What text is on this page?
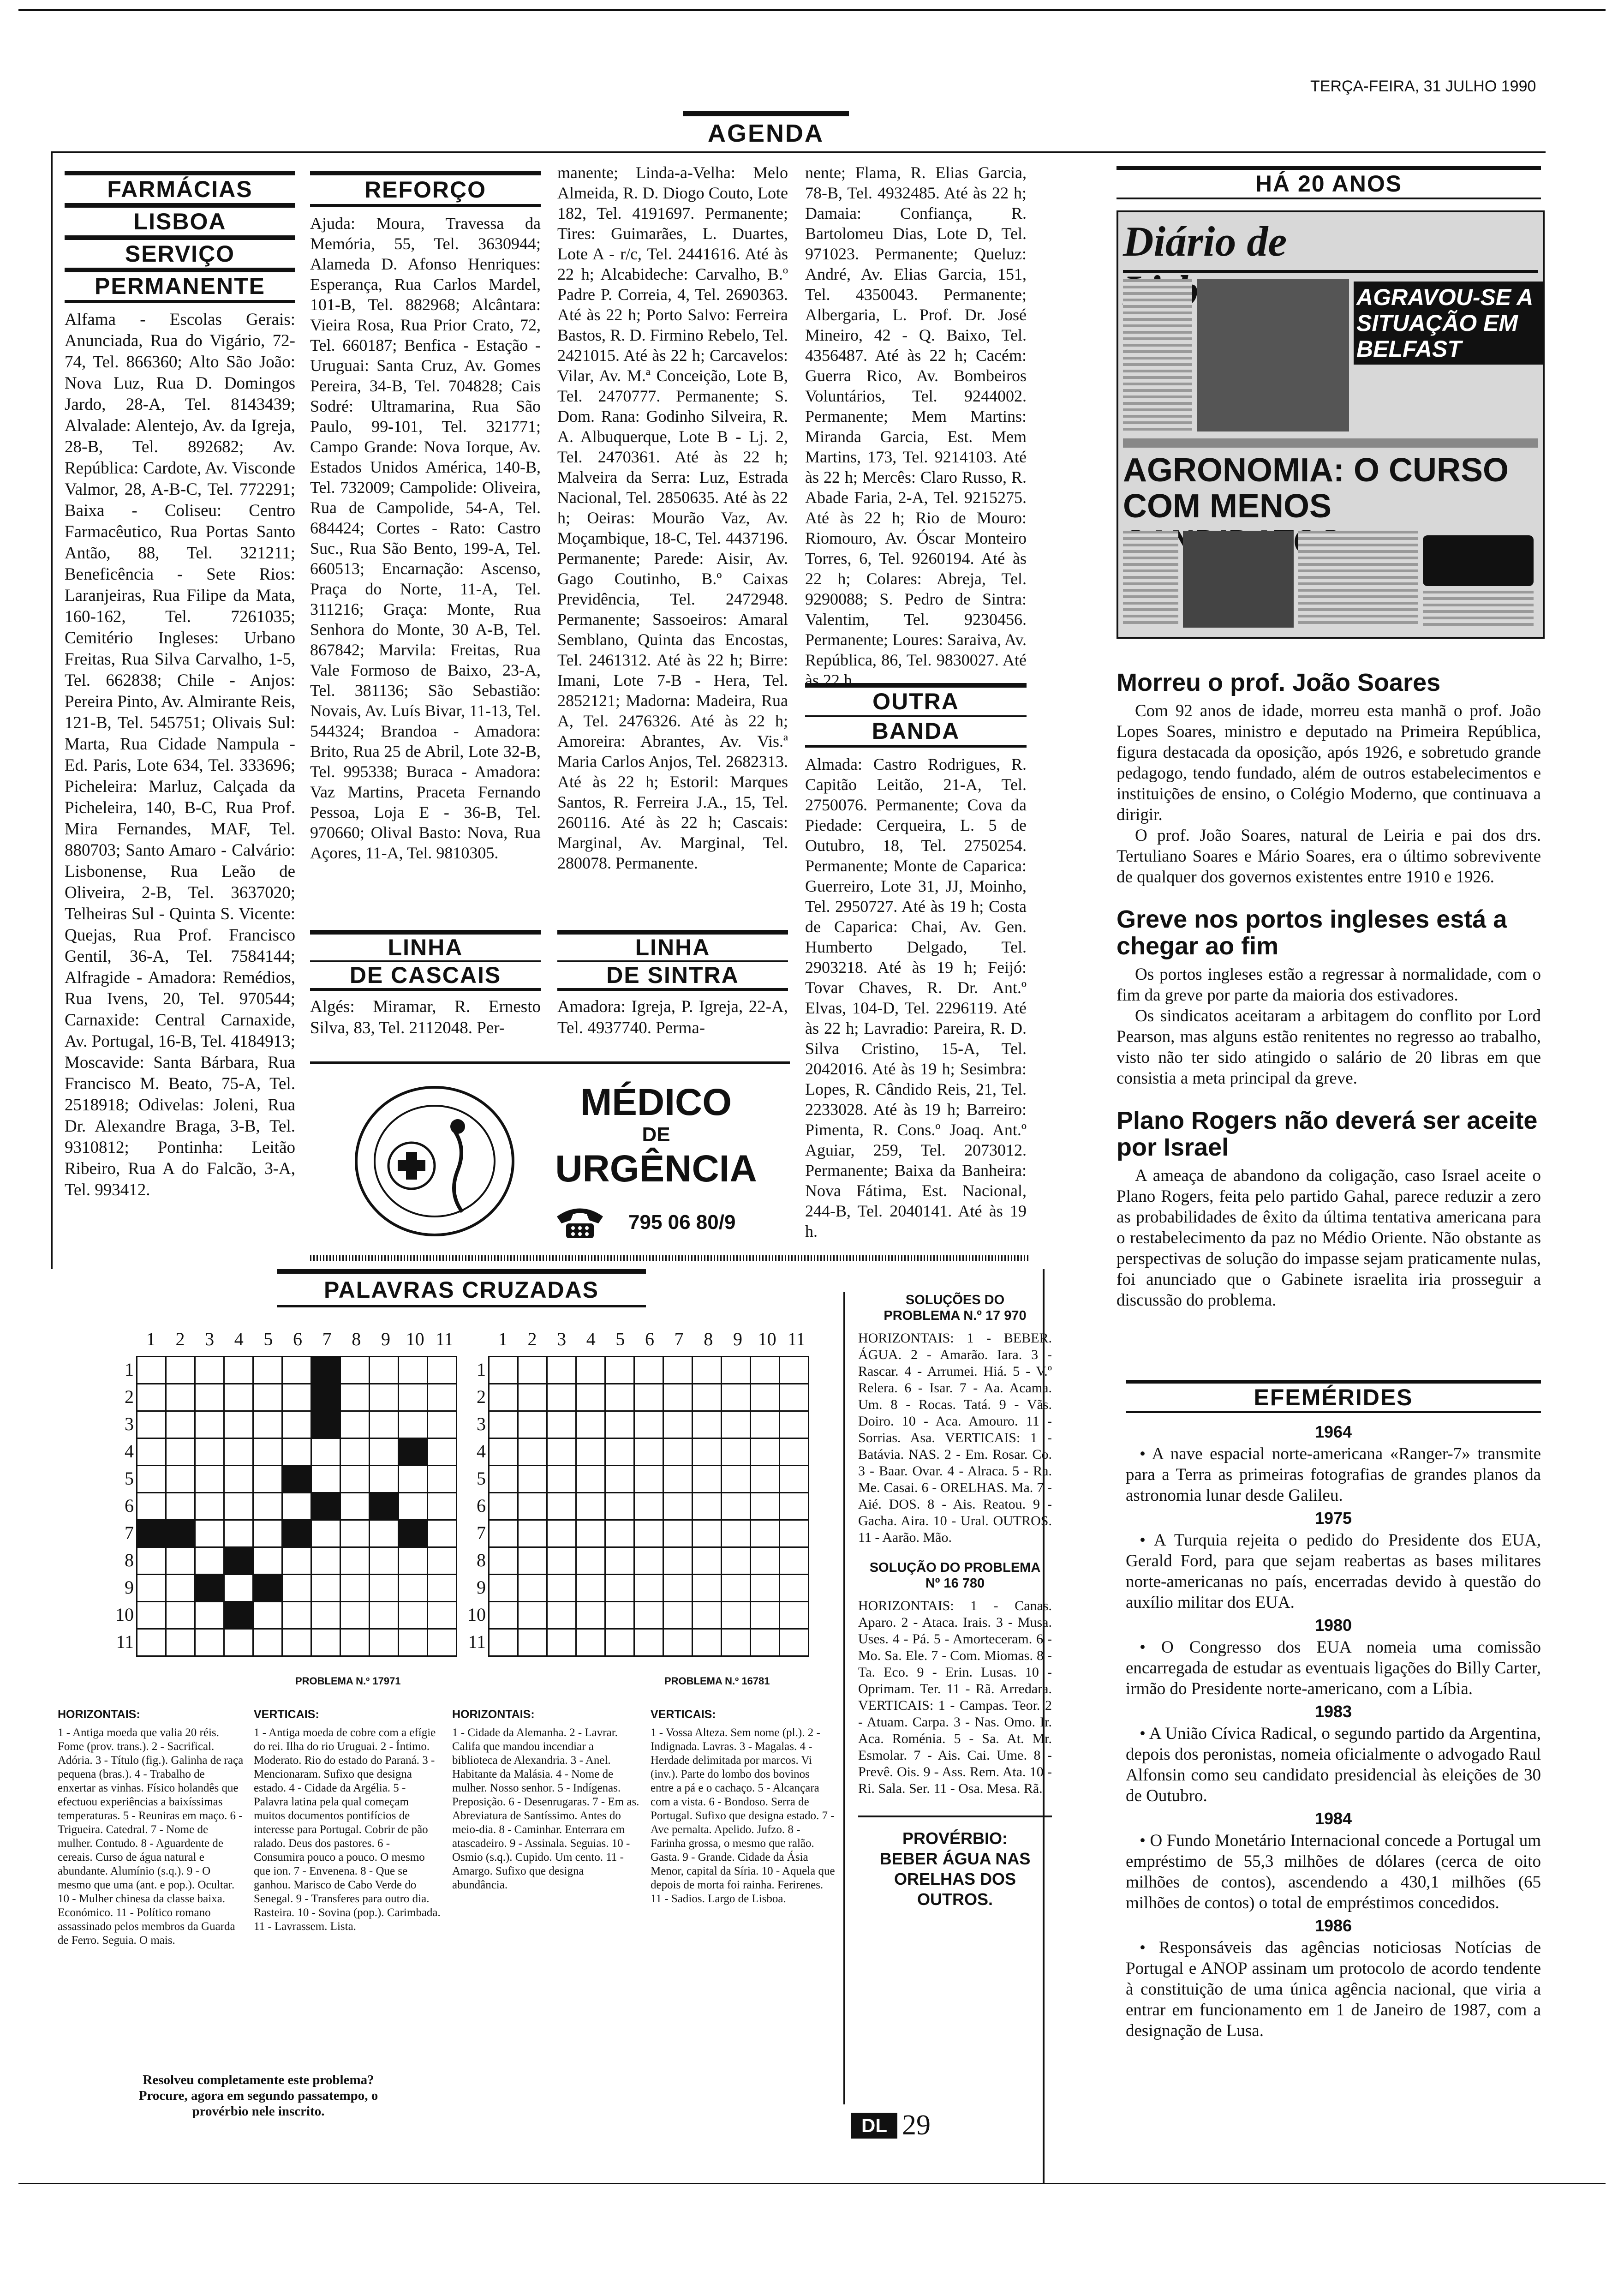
TERÇA-FEIRA, 31 JULHO 1990
AGENDA
FARMÁCIAS
LISBOA
SERVIÇO
PERMANENTE
Alfama - Escolas Gerais: Anunciada, Rua do Vigário, 72-74, Tel. 866360; Alto São João: Nova Luz, Rua D. Domingos Jardo, 28-A, Tel. 8143439; Alvalade: Alentejo, Av. da Igreja, 28-B, Tel. 892682; Av. República: Cardote, Av. Visconde Valmor, 28, A-B-C, Tel. 772291; Baixa - Coliseu: Centro Farmacêutico, Rua Portas Santo Antão, 88, Tel. 321211; Beneficência - Sete Rios: Laranjeiras, Rua Filipe da Mata, 160-162, Tel. 7261035; Cemitério Ingleses: Urbano Freitas, Rua Silva Carvalho, 1-5, Tel. 662838; Chile - Anjos: Pereira Pinto, Av. Almirante Reis, 121-B, Tel. 545751; Olivais Sul: Marta, Rua Cidade Nampula - Ed. Paris, Lote 634, Tel. 333696; Picheleira: Marluz, Calçada da Picheleira, 140, B-C, Rua Prof. Mira Fernandes, MAF, Tel. 880703; Santo Amaro - Calvário: Lisbonense, Rua Leão de Oliveira, 2-B, Tel. 3637020; Telheiras Sul - Quinta S. Vicente: Quejas, Rua Prof. Francisco Gentil, 36-A, Tel. 7584144; Alfragide - Amadora: Remédios, Rua Ivens, 20, Tel. 970544; Carnaxide: Central Carnaxide, Av. Portugal, 16-B, Tel. 4184913; Moscavide: Santa Bárbara, Rua Francisco M. Beato, 75-A, Tel. 2518918; Odivelas: Joleni, Rua Dr. Alexandre Braga, 3-B, Tel. 9310812; Pontinha: Leitão Ribeiro, Rua A do Falcão, 3-A, Tel. 993412.
REFORÇO
Ajuda: Moura, Travessa da Memória, 55, Tel. 3630944; Alameda D. Afonso Henriques: Esperança, Rua Carlos Mardel, 101-B, Tel. 882968; Alcântara: Vieira Rosa, Rua Prior Crato, 72, Tel. 660187; Benfica - Estação - Uruguai: Santa Cruz, Av. Gomes Pereira, 34-B, Tel. 704828; Cais Sodré: Ultramarina, Rua São Paulo, 99-101, Tel. 321771; Campo Grande: Nova Iorque, Av. Estados Unidos América, 140-B, Tel. 732009; Campolide: Oliveira, Rua de Campolide, 54-A, Tel. 684424; Cortes - Rato: Castro Suc., Rua São Bento, 199-A, Tel. 660513; Encarnação: Ascenso, Praça do Norte, 11-A, Tel. 311216; Graça: Monte, Rua Senhora do Monte, 30 A-B, Tel. 867842; Marvila: Freitas, Rua Vale Formoso de Baixo, 23-A, Tel. 381136; São Sebastião: Novais, Av. Luís Bivar, 11-13, Tel. 544324; Brandoa - Amadora: Brito, Rua 25 de Abril, Lote 32-B, Tel. 995338; Buraca - Amadora: Vaz Martins, Praceta Fernando Pessoa, Loja E - 36-B, Tel. 970660; Olival Basto: Nova, Rua Açores, 11-A, Tel. 9810305.
LINHA
DE CASCAIS
Algés: Miramar, R. Ernesto Silva, 83, Tel. 2112048. Per-
manente; Linda-a-Velha: Melo Almeida, R. D. Diogo Couto, Lote 182, Tel. 4191697. Permanente; Tires: Guimarães, L. Duartes, Lote A - r/c, Tel. 2441616. Até às 22 h; Alcabideche: Carvalho, B.º Padre P. Correia, 4, Tel. 2690363. Até às 22 h; Porto Salvo: Ferreira Bastos, R. D. Firmino Rebelo, Tel. 2421015. Até às 22 h; Carcavelos: Vilar, Av. M.ª Conceição, Lote B, Tel. 2470777. Permanente; S. Dom. Rana: Godinho Silveira, R. A. Albuquerque, Lote B - Lj. 2, Tel. 2470361. Até às 22 h; Malveira da Serra: Luz, Estrada Nacional, Tel. 2850635. Até às 22 h; Oeiras: Mourão Vaz, Av. Moçambique, 18-C, Tel. 4437196. Permanente; Parede: Aisir, Av. Gago Coutinho, B.º Caixas Previdência, Tel. 2472948. Permanente; Sassoeiros: Amaral Semblano, Quinta das Encostas, Tel. 2461312. Até às 22 h; Birre: Imani, Lote 7-B - Hera, Tel. 2852121; Madorna: Madeira, Rua A, Tel. 2476326. Até às 22 h; Amoreira: Abrantes, Av. Vis.ª Maria Carlos Anjos, Tel. 2682313. Até às 22 h; Estoril: Marques Santos, R. Ferreira J.A., 15, Tel. 260116. Até às 22 h; Cascais: Marginal, Av. Marginal, Tel. 280078. Permanente.
LINHA
DE SINTRA
Amadora: Igreja, P. Igreja, 22-A, Tel. 4937740. Perma-
nente; Flama, R. Elias Garcia, 78-B, Tel. 4932485. Até às 22 h; Damaia: Confiança, R. Bartolomeu Dias, Lote D, Tel. 971023. Permanente; Queluz: André, Av. Elias Garcia, 151, Tel. 4350043. Permanente; Albergaria, L. Prof. Dr. José Mineiro, 42 - Q. Baixo, Tel. 4356487. Até às 22 h; Cacém: Guerra Rico, Av. Bombeiros Voluntários, Tel. 9244002. Permanente; Mem Martins: Miranda Garcia, Est. Mem Martins, 173, Tel. 9214103. Até às 22 h; Mercês: Claro Russo, R. Abade Faria, 2-A, Tel. 9215275. Até às 22 h; Rio de Mouro: Riomouro, Av. Óscar Monteiro Torres, 6, Tel. 9260194. Até às 22 h; Colares: Abreja, Tel. 9290088; S. Pedro de Sintra: Valentim, Tel. 9230456. Permanente; Loures: Saraiva, Av. República, 86, Tel. 9830027. Até às 22 h.
OUTRA
BANDA
Almada: Castro Rodrigues, R. Capitão Leitão, 21-A, Tel. 2750076. Permanente; Cova da Piedade: Cerqueira, L. 5 de Outubro, 18, Tel. 2750254. Permanente; Monte de Caparica: Guerreiro, Lote 31, JJ, Moinho, Tel. 2950727. Até às 19 h; Costa de Caparica: Chai, Av. Gen. Humberto Delgado, Tel. 2903218. Até às 19 h; Feijó: Tovar Chaves, R. Dr. Ant.º Elvas, 104-D, Tel. 2296119. Até às 22 h; Lavradio: Pareira, R. D. Silva Cristino, 15-A, Tel. 2042016. Até às 19 h; Sesimbra: Lopes, R. Cândido Reis, 21, Tel. 2233028. Até às 19 h; Barreiro: Pimenta, R. Cons.º Joaq. Ant.º Aguiar, 259, Tel. 2073012. Permanente; Baixa da Banheira: Nova Fátima, Est. Nacional, 244-B, Tel. 2040141. Até às 19 h.
MÉDICO
DE
URGÊNCIA
795 06 80/9
HÁ 20 ANOS
Diário de
AGRAVOU-SE A SITUAÇÃO EM BELFAST
AGRONOMIA: O CURSO COM MENOS
Morreu o prof. João Soares

Com 92 anos de idade, morreu esta manhã o prof. João Lopes Soares, ministro e deputado na Primeira República, figura destacada da oposição, após 1926, e sobretudo grande pedagogo, tendo fundado, além de outros estabelecimentos e instituições de ensino, o Colégio Moderno, que continuava a dirigir.

O prof. João Soares, natural de Leiria e pai dos drs. Tertuliano Soares e Mário Soares, era o último sobrevivente de qualquer dos governos existentes entre 1910 e 1926.

Greve nos portos ingleses está a chegar ao fim

Os portos ingleses estão a regressar à normalidade, com o fim da greve por parte da maioria dos estivadores.

Os sindicatos aceitaram a arbitagem do conflito por Lord Pearson, mas alguns estão renitentes no regresso ao trabalho, visto não ter sido atingido o salário de 20 libras em que consistia a meta principal da greve.

Plano Rogers não deverá ser aceite por Israel

A ameaça de abandono da coligação, caso Israel aceite o Plano Rogers, feita pelo partido Gahal, parece reduzir a zero as probabilidades de êxito da última tentativa americana para o restabelecimento da paz no Médio Oriente. Não obstante as perspectivas de solução do impasse sejam praticamente nulas, foi anunciado que o Gabinete israelita iria prosseguir a discussão do problema.

EFEMÉRIDES
1964

• A nave espacial norte-americana «Ranger-7» transmite para a Terra as primeiras fotografias de grandes planos da astronomia lunar desde Galileu.

1975

• A Turquia rejeita o pedido do Presidente dos EUA, Gerald Ford, para que sejam reabertas as bases militares norte-americanas no país, encerradas devido à questão do auxílio militar dos EUA.

1980

• O Congresso dos EUA nomeia uma comissão encarregada de estudar as eventuais ligações do Billy Carter, irmão do Presidente norte-americano, com a Líbia.

1983

• A União Cívica Radical, o segundo partido da Argentina, depois dos peronistas, nomeia oficialmente o advogado Raul Alfonsin como seu candidato presidencial às eleições de 30 de Outubro.

1984

• O Fundo Monetário Internacional concede a Portugal um empréstimo de 55,3 milhões de dólares (cerca de oito milhões de contos), ascendendo a 430,1 milhões (65 milhões de contos) o total de empréstimos concedidos.

1986

• Responsáveis das agências noticiosas Notícias de Portugal e ANOP assinam um protocolo de acordo tendente à constituição de uma única agência nacional, que viria a entrar em funcionamento em 1 de Janeiro de 1987, com a designação de Lusa.

PALAVRAS CRUZADAS
1	2	3	4	5	6	7	8	9 10 11
1
2
3
4
5
6
7
8
9
10
11

1	2	3	4	5	6	7	8	9 10 11
1
2
3
4
5
6
7
8
9
10
11

PROBLEMA N.º 17971	PROBLEMA N.º 16781
HORIZONTAIS:
1 - Antiga moeda que valia 20 réis. Fome (prov. trans.). 2 - Sacrifical. Adória. 3 - Título (fig.). Galinha de raça pequena (bras.). 4 - Trabalho de enxertar as vinhas. Físico holandês que efectuou experiências a baixíssimas temperaturas. 5 - Reuniras em maço. 6 - Trigueira. Catedral. 7 - Nome de mulher. Contudo. 8 - Aguardente de cereais. Curso de água natural e abundante. Alumínio (s.q.). 9 - O mesmo que uma (ant. e pop.). Ocultar. 10 - Mulher chinesa da classe baixa. Económico. 11 - Político romano assassinado pelos membros da Guarda de Ferro. Seguia. O mais.
VERTICAIS:
1 - Antiga moeda de cobre com a efígie do rei. Ilha do rio Uruguai. 2 - Íntimo. Moderato. Rio do estado do Paraná. 3 - Mencionaram. Sufixo que designa estado. 4 - Cidade da Argélia. 5 - Palavra latina pela qual começam muitos documentos pontifícios de interesse para Portugal. Cobrir de pão ralado. Deus dos pastores. 6 - Consumira pouco a pouco. O mesmo que ion. 7 - Envenena. 8 - Que se ganhou. Marisco de Cabo Verde do Senegal. 9 - Transferes para outro dia. Rasteira. 10 - Sovina (pop.). Carimbada. 11 - Lavrassem. Lista.
HORIZONTAIS:
1 - Cidade da Alemanha. 2 - Lavrar. Califa que mandou incendiar a biblioteca de Alexandria. 3 - Anel. Habitante da Malásia. 4 - Nome de mulher. Nosso senhor. 5 - Indígenas. Preposição. 6 - Desenrugaras. 7 - Em as. Abreviatura de Santíssimo. Antes do meio-dia. 8 - Caminhar. Enterrara em atascadeiro. 9 - Assinala. Seguias. 10 - Osmio (s.q.). Cupido. Um cento. 11 - Amargo. Sufixo que designa abundância.
VERTICAIS:
1 - Vossa Alteza. Sem nome (pl.). 2 - Indignada. Lavras. 3 - Magalas. 4 - Herdade delimitada por marcos. Vi (inv.). Parte do lombo dos bovinos entre a pá e o cachaço. 5 - Alcançara com a vista. 6 - Bondoso. Serra de Portugal. Sufixo que designa estado. 7 - Ave pernalta. Apelido. Jufzo. 8 - Farinha grossa, o mesmo que ralão. Gasta. 9 - Grande. Cidade da Ásia Menor, capital da Síria. 10 - Aquela que depois de morta foi rainha. Ferirenes. 11 - Sadios. Largo de Lisboa.
Resolveu completamente este problema? Procure, agora em segundo passatempo, o provérbio nele inscrito.
SOLUÇÕES DO PROBLEMA N.º 17 970
HORIZONTAIS: 1 - BEBER. ÁGUA. 2 - Amarão. Iara. 3 - Rascar. 4 - Arrumei. Hiá. 5 - V.º Relera. 6 - Isar. 7 - Aa. Acama. Um. 8 - Rocas. Tatá. 9 - Vãs. Doiro. 10 - Aca. Amouro. 11 - Sorrias. Asa. VERTICAIS: 1 - Batávia. NAS. 2 - Em. Rosar. Co. 3 - Baar. Ovar. 4 - Alraca. 5 - Ra. Me. Casai. 6 - ORELHAS. Ma. 7 - Aié. DOS. 8 - Ais. Reatou. 9 - Gacha. Aira. 10 - Ural. OUTROS. 11 - Aarão. Mão.
SOLUÇÃO DO PROBLEMA Nº 16 780
HORIZONTAIS: 1 - Canas. Aparo. 2 - Ataca. Irais. 3 - Musa. Uses. 4 - Pá. 5 - Amorteceram. 6 - Mo. Sa. Ele. 7 - Com. Miomas. 8 - Ta. Eco. 9 - Erin. Lusas. 10 - Oprimam. Ter. 11 - Rã. Arredara. VERTICAIS: 1 - Campas. Teor. 2 - Atuam. Carpa. 3 - Nas. Omo. Ir. Aca. Roménia. 5 - Sa. At. Mr. Esmolar. 7 - Ais. Cai. Ume. 8 - Prevê. Ois. 9 - Ass. Rem. Ata. 10 - Ri. Sala. Ser. 11 - Osa. Mesa. Rã.
PROVÉRBIO:
BEBER ÁGUA NAS ORELHAS DOS OUTROS.
DL 29
